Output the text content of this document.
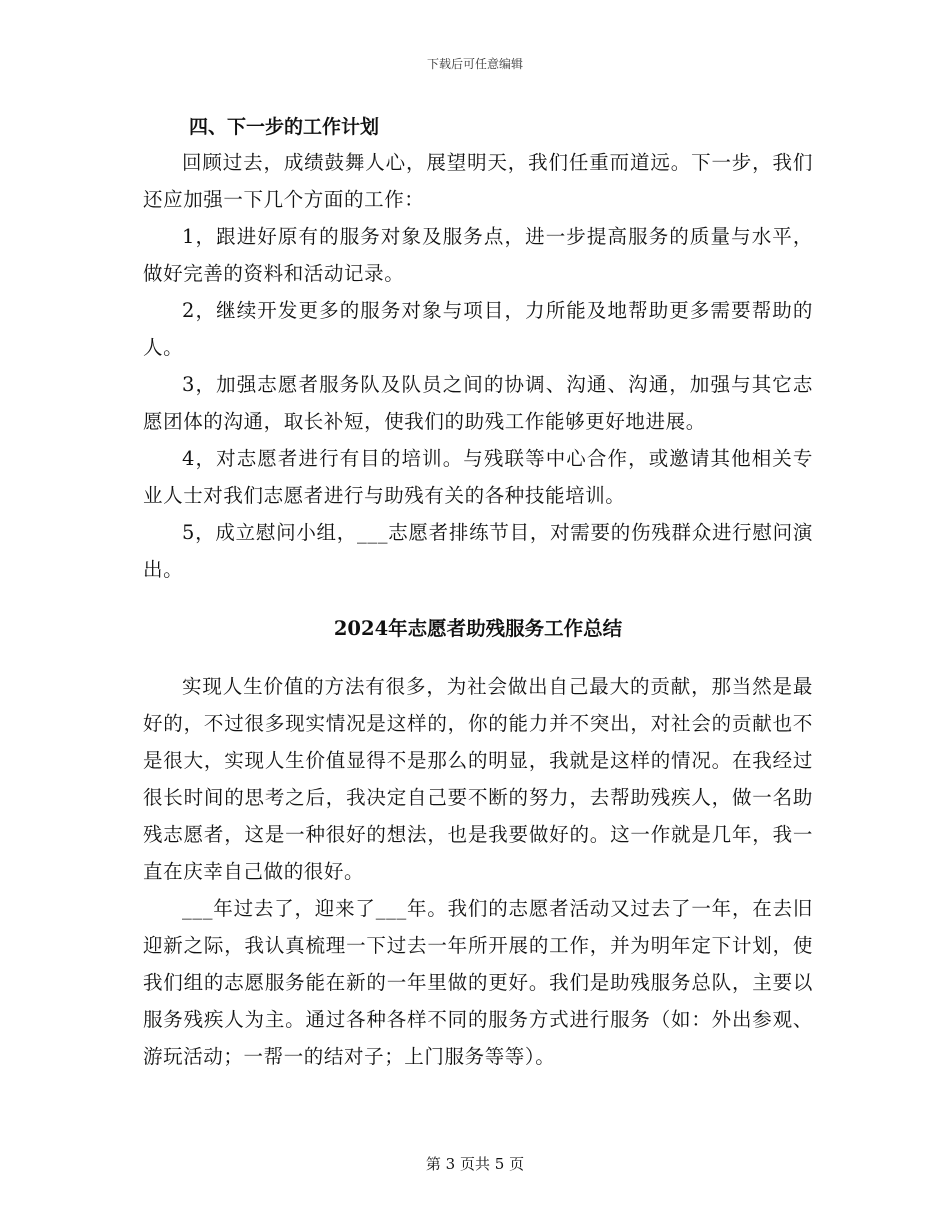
下载后可任意编辑
四、下一步的工作计划

回顾过去，成绩鼓舞人心，展望明天，我们任重而道远。下一步，我们还应加强一下几个方面的工作：

1，跟进好原有的服务对象及服务点，进一步提高服务的质量与水平，做好完善的资料和活动记录。

2，继续开发更多的服务对象与项目，力所能及地帮助更多需要帮助的人。

3，加强志愿者服务队及队员之间的协调、沟通、沟通，加强与其它志愿团体的沟通，取长补短，使我们的助残工作能够更好地进展。

4，对志愿者进行有目的培训。与残联等中心合作，或邀请其他相关专业人士对我们志愿者进行与助残有关的各种技能培训。

5，成立慰问小组，___志愿者排练节目，对需要的伤残群众进行慰问演出。

2024年志愿者助残服务工作总结

实现人生价值的方法有很多，为社会做出自己最大的贡献，那当然是最好的，不过很多现实情况是这样的，你的能力并不突出，对社会的贡献也不是很大，实现人生价值显得不是那么的明显，我就是这样的情况。在我经过很长时间的思考之后，我决定自己要不断的努力，去帮助残疾人，做一名助残志愿者，这是一种很好的想法，也是我要做好的。这一作就是几年，我一直在庆幸自己做的很好。

___年过去了，迎来了___年。我们的志愿者活动又过去了一年，在去旧迎新之际，我认真梳理一下过去一年所开展的工作，并为明年定下计划，使我们组的志愿服务能在新的一年里做的更好。我们是助残服务总队，主要以服务残疾人为主。通过各种各样不同的服务方式进行服务（如：外出参观、游玩活动；一帮一的结对子；上门服务等等）。

第 3 页共 5 页
